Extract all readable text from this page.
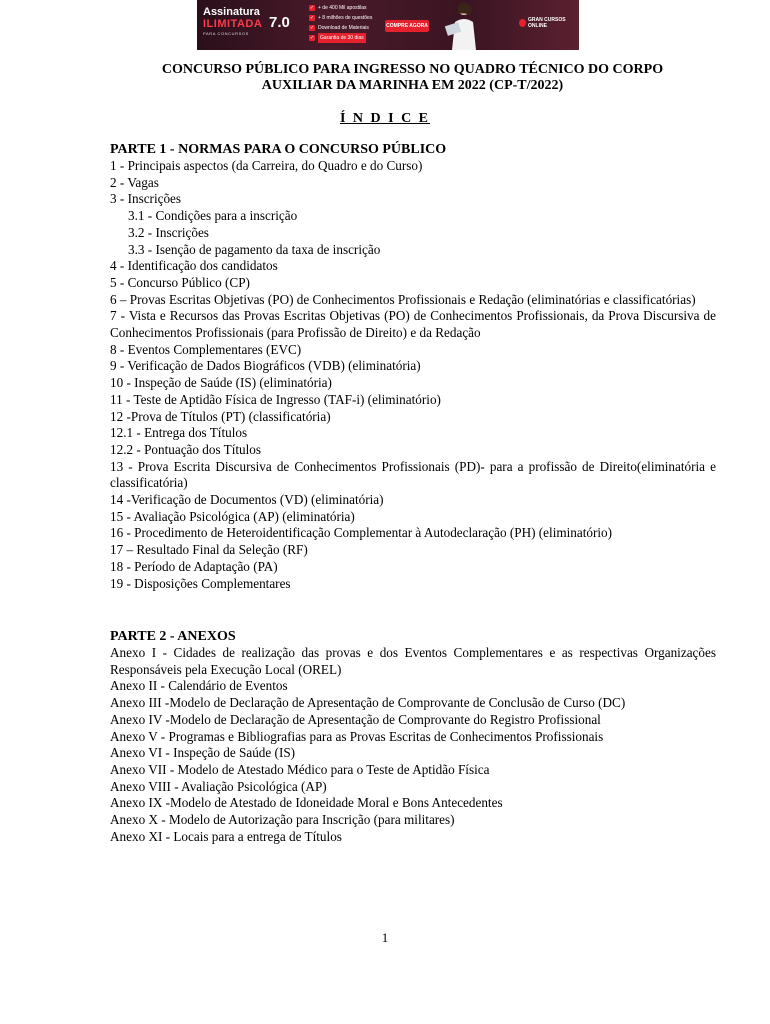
Assinatura
ILIMITADA
PARA CONCURSOS
7.0
✓ + de 400 Mil apostilas
✓ + 8 milhões de questões
✓ Download de Materiais
✓	Garantia de 30 dias
COMPRE AGORA
GRAN CURSOS ONLINE
CONCURSO PÚBLICO PARA INGRESSO NO QUADRO TÉCNICO DO CORPO
AUXILIAR DA MARINHA EM 2022 (CP-T/2022)
Í N D I C E
PARTE 1 - NORMAS PARA O CONCURSO PÚBLICO
1 - Principais aspectos (da Carreira, do Quadro e do Curso)
2 - Vagas
3 - Inscrições
3.1 - Condições para a inscrição
3.2 - Inscrições
3.3 - Isenção de pagamento da taxa de inscrição
4 - Identificação dos candidatos
5 - Concurso Público (CP)
6 – Provas Escritas Objetivas (PO) de Conhecimentos Profissionais e Redação (eliminatórias e classificatórias)
7 - Vista e Recursos das Provas Escritas Objetivas (PO) de Conhecimentos Profissionais, da Prova Discursiva de Conhecimentos Profissionais (para Profissão de Direito) e da Redação
8 - Eventos Complementares (EVC)
9 - Verificação de Dados Biográficos (VDB) (eliminatória)
10 - Inspeção de Saúde (IS) (eliminatória)
11 - Teste de Aptidão Física de Ingresso (TAF-i) (eliminatório)
12 -Prova de Títulos (PT) (classificatória)
12.1 - Entrega dos Títulos
12.2 - Pontuação dos Títulos
13 - Prova Escrita Discursiva de Conhecimentos Profissionais (PD)- para a profissão de Direito(eliminatória e classificatória)
14 -Verificação de Documentos (VD) (eliminatória)
15 - Avaliação Psicológica (AP) (eliminatória)
16 - Procedimento de Heteroidentificação Complementar à Autodeclaração (PH) (eliminatório)
17 – Resultado Final da Seleção (RF)
18 - Período de Adaptação (PA)
19 - Disposições Complementares
PARTE 2 - ANEXOS
Anexo I - Cidades de realização das provas e dos Eventos Complementares e as respectivas Organizações Responsáveis pela Execução Local (OREL)
Anexo II - Calendário de Eventos
Anexo III -Modelo de Declaração de Apresentação de Comprovante de Conclusão de Curso (DC)
Anexo IV -Modelo de Declaração de Apresentação de Comprovante do Registro Profissional
Anexo V - Programas e Bibliografias para as Provas Escritas de Conhecimentos Profissionais
Anexo VI - Inspeção de Saúde (IS)
Anexo VII - Modelo de Atestado Médico para o Teste de Aptidão Física
Anexo VIII - Avaliação Psicológica (AP)
Anexo IX -Modelo de Atestado de Idoneidade Moral e Bons Antecedentes
Anexo X - Modelo de Autorização para Inscrição (para militares)
Anexo XI - Locais para a entrega de Títulos
1
